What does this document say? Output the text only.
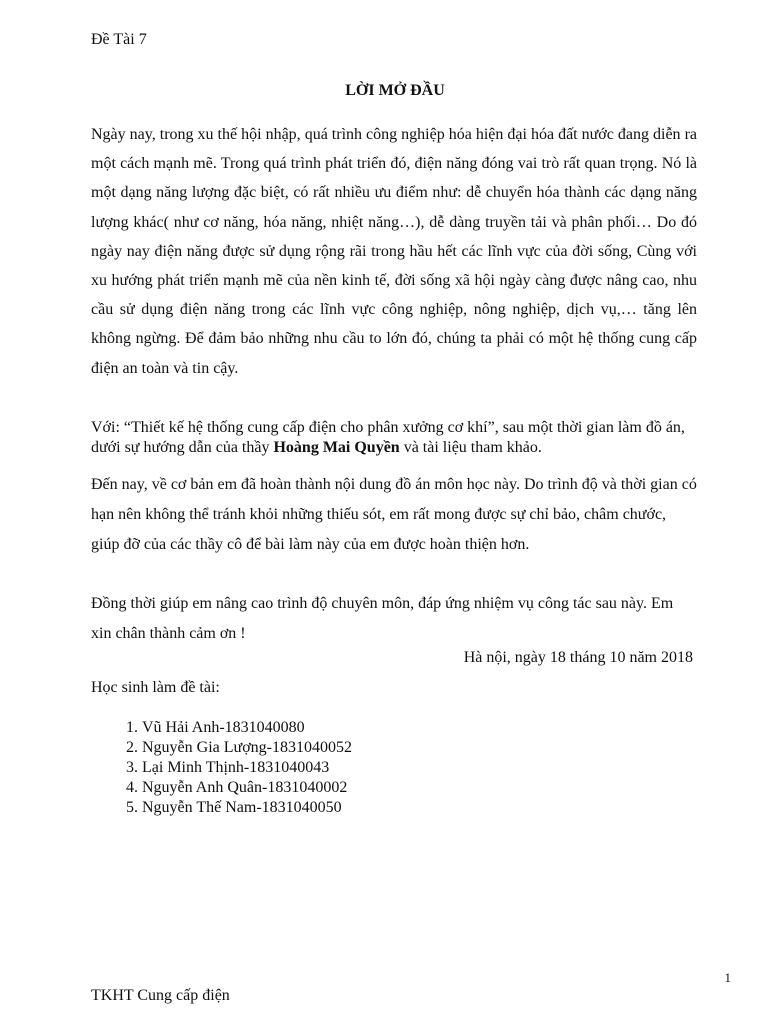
Đề Tài 7
LỜI MỞ ĐẦU

Ngày nay, trong xu thế hội nhập, quá trình công nghiệp hóa hiện đại hóa đất nước đang diễn ra một cách mạnh mẽ. Trong quá trình phát triển đó, điện năng đóng vai trò rất quan trọng. Nó là một dạng năng lượng đặc biệt, có rất nhiều ưu điểm như: dễ chuyển hóa thành các dạng năng lượng khác( như cơ năng, hóa năng, nhiệt năng…), dễ dàng truyền tải và phân phối… Do đó ngày nay điện năng được sử dụng rộng rãi trong hầu hết các lĩnh vực của đời sống, Cùng với xu hướng phát triển mạnh mẽ của nền kinh tế, đời sống xã hội ngày càng được nâng cao, nhu cầu sử dụng điện năng trong các lĩnh vực công nghiệp, nông nghiệp, dịch vụ,… tăng lên không ngừng. Để đảm bảo những nhu cầu to lớn đó, chúng ta phải có một hệ thống cung cấp điện an toàn và tin cậy.

Với: “Thiết kế hệ thống cung cấp điện cho phân xưởng cơ khí”, sau một thời gian làm đồ án, dưới sự hướng dẫn của thầy Hoàng Mai Quyền và tài liệu tham khảo.

Đến nay, về cơ bản em đã hoàn thành nội dung đồ án môn học này. Do trình độ và thời gian có hạn nên không thể tránh khỏi những thiếu sót, em rất mong được sự chỉ bảo, châm chước, giúp đỡ của các thầy cô để bài làm này của em được hoàn thiện hơn.

Đồng thời giúp em nâng cao trình độ chuyên môn, đáp ứng nhiệm vụ công tác sau này. Em xin chân thành cảm ơn !

Hà nội, ngày 18 tháng 10 năm 2018
Học sinh làm đề tài:
1. Vũ Hải Anh-1831040080
2. Nguyễn Gia Lượng-1831040052
3. Lại Minh Thịnh-1831040043
4. Nguyễn Anh Quân-1831040002
5. Nguyễn Thế Nam-1831040050
1
TKHT Cung cấp điện
